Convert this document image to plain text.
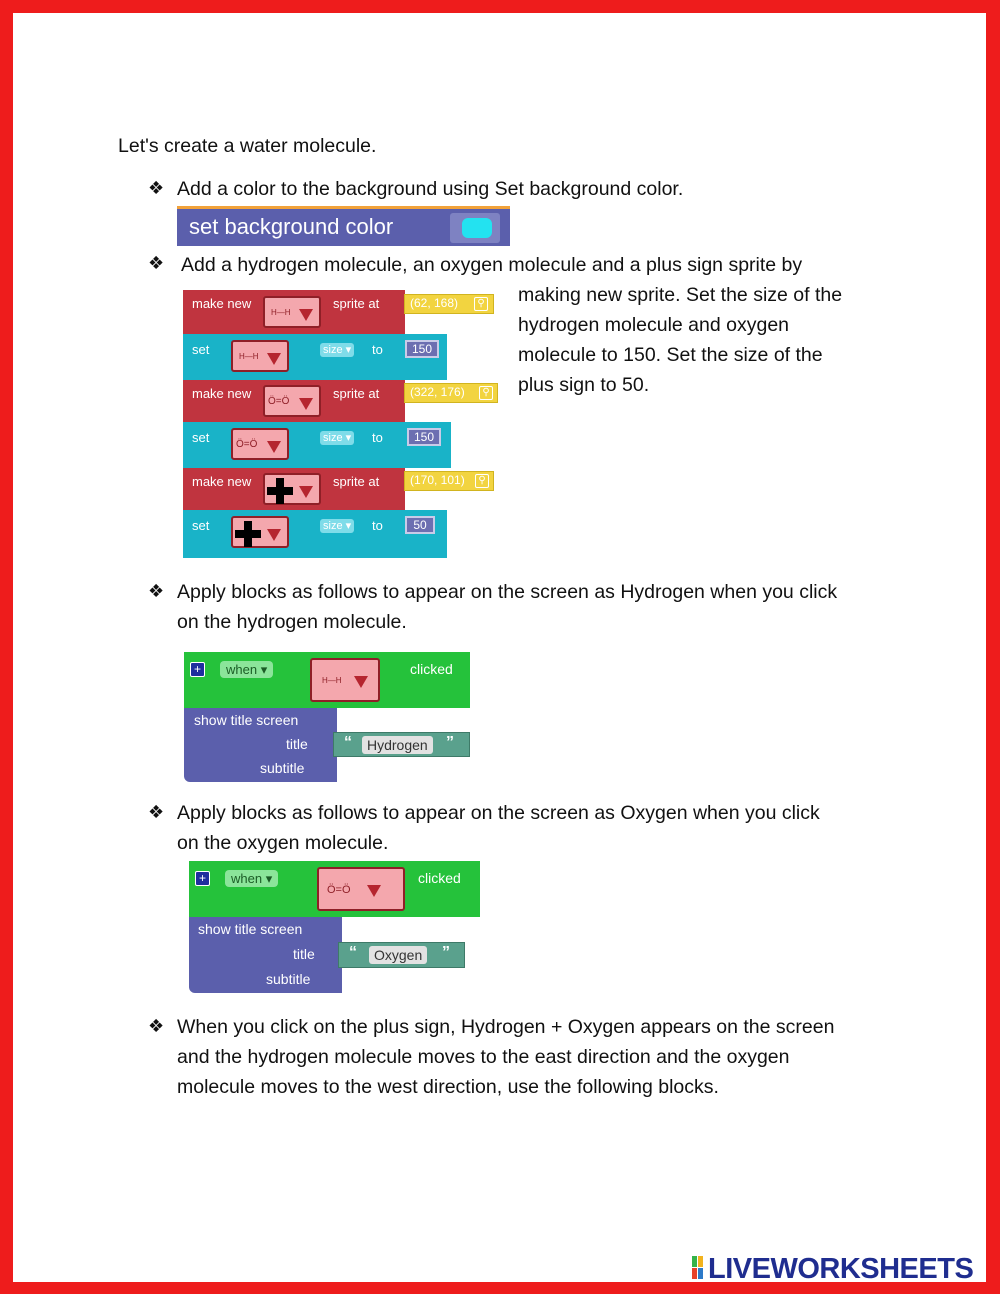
Let's create a water molecule.
❖ Add a color to the background using Set background color.
set background color
❖ Add a hydrogen molecule, an oxygen molecule and a plus sign sprite by
making new sprite. Set the size of the
hydrogen molecule and oxygen
molecule to 150. Set the size of the
plus sign to 50.
make new
H—H
sprite at	(62, 168)	⚲
set	H—H
size ▾ to	150
make new
Ö=Ö
sprite at	(322, 176)	⚲
set	Ö=Ö
size ▾ to	150
make new	sprite at	(170, 101)	⚲
set	size ▾ to	50
❖ Apply blocks as follows to appear on the screen as Hydrogen when you click
on the hydrogen molecule.
+	when ▾
H—H
clicked
show title screen
title
subtitle
“	Hydrogen	”
❖ Apply blocks as follows to appear on the screen as Oxygen when you click
on the oxygen molecule.
+	when ▾
Ö=Ö
clicked
show title screen
title
subtitle
“	Oxygen	”
❖ When you click on the plus sign, Hydrogen + Oxygen appears on the screen
and the hydrogen molecule moves to the east direction and the oxygen
molecule moves to the west direction, use the following blocks.
LIVEWORKSHEETS
